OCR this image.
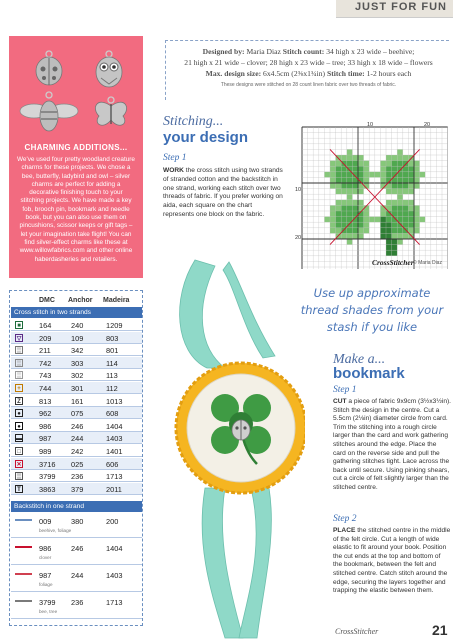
JUST FOR FUN
CHARMING ADDITIONS...

We've used four pretty woodland creature charms for these projects. We chose a bee, butterfly, ladybird and owl – silver charms are perfect for adding a decorative finishing touch to your stitching projects. We have made a key fob, brooch pin, bookmark and needle book, but you can also use them on pincushions, scissor keeps or gift tags – let your imagination take flight! You can find silver-effect charms like these at www.willowfabrics.com and other online haberdasheries and retailers.

DMC Anchor Madeira
Cross stitch in two strands
■ 164	240	1209
▽ 209	109	803
▒ 211	342	801
▒ 742	303	114
▒ 743	302	113
+	744	301	112
Z 813	161	1013
● 962	075	608
● 986	246	1404
▬ 987	244	1403
□ 989	242	1401
✕ 3716 025	606
▒ 3799 236	1713
T 3863 379	2011
Backstitch in one strand
009	380	200
beehive, foliage
986	246	1404
clover
987	244	1403
foliage
3799 236	1713
bee, tree
Designed by: Maria Diaz Stitch count: 34 high x 23 wide – beehive;
21 high x 21 wide – clover; 28 high x 23 wide – tree; 33 high x 18 wide – flowers
Max. design size: 6x4.5cm (2⅜x1¾in) Stitch time: 1-2 hours each
These designs were stitched on 28 count linen fabric over two threads of fabric.
Stitching...
your design
Step 1
WORK the cross stitch using two strands of stranded cotton and the backstitch in one strand, working each stitch over two threads of fabric. If you prefer working on aida, each square on the chart represents one block on the fabric.
10	20
10
20
CrossStitcher © Maria Diaz
Use up approximate
thread shades from your
stash if you like
Make a...
bookmark
Step 1
CUT a piece of fabric 9x9cm (3½x3½in). Stitch the design in the centre. Cut a 5.5cm (2⅛in) diameter circle from card. Trim the stitching into a rough circle larger than the card and work gathering stitches around the edge. Place the card on the reverse side and pull the gathering stitches tight. Lace across the back until secure. Using pinking shears, cut a circle of felt slightly larger than the stitched centre.
Step 2
PLACE the stitched centre in the middle of the felt circle. Cut a length of wide elastic to fit around your book. Position the cut ends at the top and bottom of the bookmark, between the felt and stitched centre. Catch stitch around the edge, securing the layers together and trapping the elastic between them.
CrossStitcher	21
